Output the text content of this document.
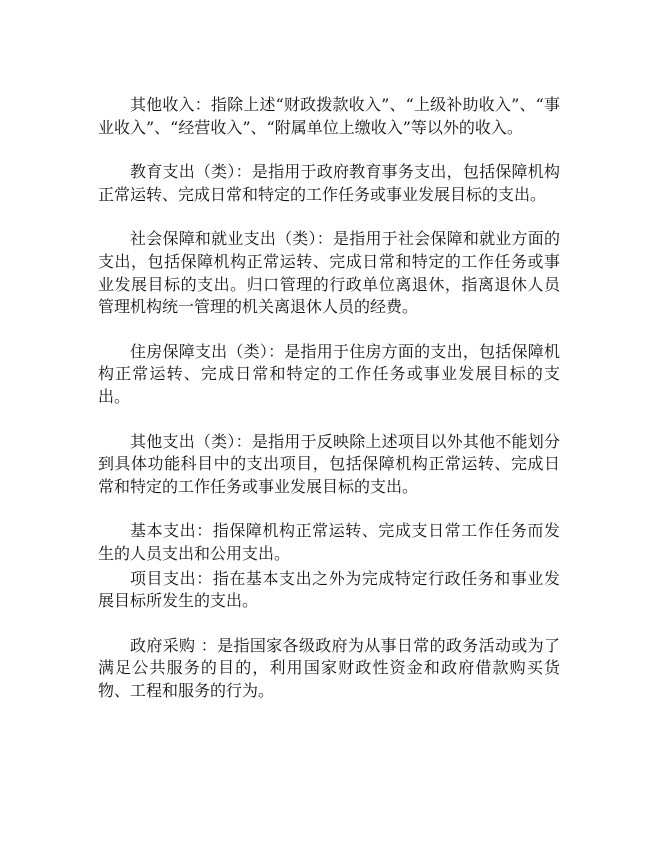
其他收入：指除上述“财政拨款收入”、“上级补助收入”、“事业收入”、“经营收入”、“附属单位上缴收入”等以外的收入。

教育支出（类）：是指用于政府教育事务支出，包括保障机构正常运转、完成日常和特定的工作任务或事业发展目标的支出。

社会保障和就业支出（类）：是指用于社会保障和就业方面的支出，包括保障机构正常运转、完成日常和特定的工作任务或事业发展目标的支出。归口管理的行政单位离退休，指离退休人员管理机构统一管理的机关离退休人员的经费。

住房保障支出（类）：是指用于住房方面的支出，包括保障机构正常运转、完成日常和特定的工作任务或事业发展目标的支出。

其他支出（类）：是指用于反映除上述项目以外其他不能划分到具体功能科目中的支出项目，包括保障机构正常运转、完成日常和特定的工作任务或事业发展目标的支出。

基本支出：指保障机构正常运转、完成支日常工作任务而发生的人员支出和公用支出。

项目支出：指在基本支出之外为完成特定行政任务和事业发展目标所发生的支出。

政府采购 ：是指国家各级政府为从事日常的政务活动或为了满足公共服务的目的，利用国家财政性资金和政府借款购买货物、工程和服务的行为。
